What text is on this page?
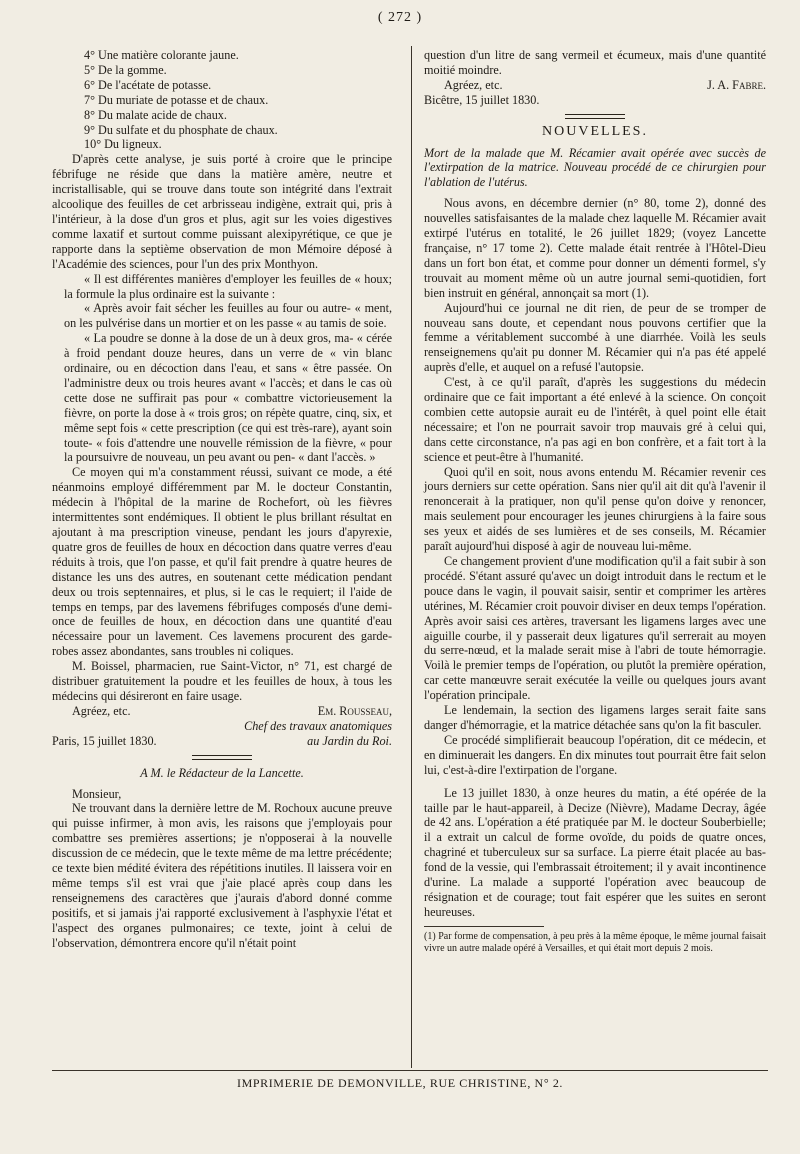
( 272 )

4° Une matière colorante jaune.

5° De la gomme.

6° De l'acétate de potasse.

7° Du muriate de potasse et de chaux.

8° Du malate acide de chaux.

9° Du sulfate et du phosphate de chaux.

10° Du ligneux.

D'après cette analyse, je suis porté à croire que le principe fébrifuge ne réside que dans la matière amère, neutre et incristallisable, qui se trouve dans toute son intégrité dans l'extrait alcoolique des feuilles de cet arbrisseau indigène, extrait qui, pris à l'intérieur, à la dose d'un gros et plus, agit sur les voies digestives comme laxatif et surtout comme puissant alexipyrétique, ce que je rapporte dans la septième observation de mon Mémoire déposé à l'Académie des sciences, pour l'un des prix Monthyon.

« Il est différentes manières d'employer les feuilles de « houx; la formule la plus ordinaire est la suivante :

« Après avoir fait sécher les feuilles au four ou autre- « ment, on les pulvérise dans un mortier et on les passe « au tamis de soie.

« La poudre se donne à la dose de un à deux gros, ma- « cérée à froid pendant douze heures, dans un verre de « vin blanc ordinaire, ou en décoction dans l'eau, et sans « être passée. On l'administre deux ou trois heures avant « l'accès; et dans le cas où cette dose ne suffirait pas pour « combattre victorieusement la fièvre, on porte la dose à « trois gros; on répète quatre, cinq, six, et même sept fois « cette prescription (ce qui est très-rare), ayant soin toute- « fois d'attendre une nouvelle rémission de la fièvre, « pour la poursuivre de nouveau, un peu avant ou pen- « dant l'accès. »

Ce moyen qui m'a constamment réussi, suivant ce mode, a été néanmoins employé différemment par M. le docteur Constantin, médecin à l'hôpital de la marine de Rochefort, où les fièvres intermittentes sont endémiques. Il obtient le plus brillant résultat en ajoutant à ma prescription vineuse, pendant les jours d'apyrexie, quatre gros de feuilles de houx en décoction dans quatre verres d'eau réduits à trois, que l'on passe, et qu'il fait prendre à quatre heures de distance les uns des autres, en soutenant cette médication pendant deux ou trois septennaires, et plus, si le cas le requiert; il l'aide de temps en temps, par des lavemens fébrifuges composés d'une demi-once de feuilles de houx, en décoction dans une quantité d'eau nécessaire pour un lavement. Ces lavemens procurent des garde-robes assez abondantes, sans troubles ni coliques.

M. Boissel, pharmacien, rue Saint-Victor, n° 71, est chargé de distribuer gratuitement la poudre et les feuilles de houx, à tous les médecins qui désireront en faire usage.

Agréez, etc.	Em. Rousseau,

Chef des travaux anatomiques

Paris, 15 juillet 1830.	au Jardin du Roi.

A M. le Rédacteur de la Lancette.

Monsieur,

Ne trouvant dans la dernière lettre de M. Rochoux aucune preuve qui puisse infirmer, à mon avis, les raisons que j'employais pour combattre ses premières assertions; je n'opposerai à la nouvelle discussion de ce médecin, que le texte même de ma lettre précédente; ce texte bien médité évitera des répétitions inutiles. Il laissera voir en même temps s'il est vrai que j'aie placé après coup dans les renseignemens des caractères que j'aurais d'abord donné comme positifs, et si jamais j'ai rapporté exclusivement à l'asphyxie l'état et l'aspect des organes pulmonaires; ce texte, joint à celui de l'observation, démontrera encore qu'il n'était point

question d'un litre de sang vermeil et écumeux, mais d'une quantité moitié moindre.

Agréez, etc.	J. A. Fabre.

Bicêtre, 15 juillet 1830.

NOUVELLES.

Mort de la malade que M. Récamier avait opérée avec succès de l'extirpation de la matrice. Nouveau procédé de ce chirurgien pour l'ablation de l'utérus.

Nous avons, en décembre dernier (n° 80, tome 2), donné des nouvelles satisfaisantes de la malade chez laquelle M. Récamier avait extirpé l'utérus en totalité, le 26 juillet 1829; (voyez Lancette française, n° 17 tome 2). Cette malade était rentrée à l'Hôtel-Dieu dans un fort bon état, et comme pour donner un démenti formel, s'y trouvait au moment même où un autre journal semi-quotidien, fort bien instruit en général, annonçait sa mort (1).

Aujourd'hui ce journal ne dit rien, de peur de se tromper de nouveau sans doute, et cependant nous pouvons certifier que la femme a véritablement succombé à une diarrhée. Voilà les seuls renseignemens qu'ait pu donner M. Récamier qui n'a pas été appelé auprès d'elle, et auquel on a refusé l'autopsie.

C'est, à ce qu'il paraît, d'après les suggestions du médecin ordinaire que ce fait important a été enlevé à la science. On conçoit combien cette autopsie aurait eu de l'intérêt, à quel point elle était nécessaire; et l'on ne pourrait savoir trop mauvais gré à celui qui, dans cette circonstance, n'a pas agi en bon confrère, et a fait tort à la science et peut-être à l'humanité.

Quoi qu'il en soit, nous avons entendu M. Récamier revenir ces jours derniers sur cette opération. Sans nier qu'il ait dit qu'à l'avenir il renoncerait à la pratiquer, non qu'il pense qu'on doive y renoncer, mais seulement pour encourager les jeunes chirurgiens à la faire sous ses yeux et aidés de ses lumières et de ses conseils, M. Récamier paraît aujourd'hui disposé à agir de nouveau lui-même.

Ce changement provient d'une modification qu'il a fait subir à son procédé. S'étant assuré qu'avec un doigt introduit dans le rectum et le pouce dans le vagin, il pouvait saisir, sentir et comprimer les artères utérines, M. Récamier croit pouvoir diviser en deux temps l'opération. Après avoir saisi ces artères, traversant les ligamens larges avec une aiguille courbe, il y passerait deux ligatures qu'il serrerait au moyen du serre-nœud, et la malade serait mise à l'abri de toute hémorragie. Voilà le premier temps de l'opération, ou plutôt la première opération, car cette manœuvre serait exécutée la veille ou quelques jours avant l'opération principale.

Le lendemain, la section des ligamens larges serait faite sans danger d'hémorragie, et la matrice détachée sans qu'on la fit basculer.

Ce procédé simplifierait beaucoup l'opération, dit ce médecin, et en diminuerait les dangers. En dix minutes tout pourrait être fait selon lui, c'est-à-dire l'extirpation de l'organe.

Le 13 juillet 1830, à onze heures du matin, a été opérée de la taille par le haut-appareil, à Decize (Nièvre), Madame Decray, âgée de 42 ans. L'opération a été pratiquée par M. le docteur Souberbielle; il a extrait un calcul de forme ovoïde, du poids de quatre onces, chagriné et tuberculeux sur sa surface. La pierre était placée au bas-fond de la vessie, qui l'embrassait étroitement; il y avait incontinence d'urine. La malade a supporté l'opération avec beaucoup de résignation et de courage; tout fait espérer que les suites en seront heureuses.

(1) Par forme de compensation, à peu près à la même époque, le même journal faisait vivre un autre malade opéré à Versailles, et qui était mort depuis 2 mois.

IMPRIMERIE DE DEMONVILLE, RUE CHRISTINE, N° 2.
